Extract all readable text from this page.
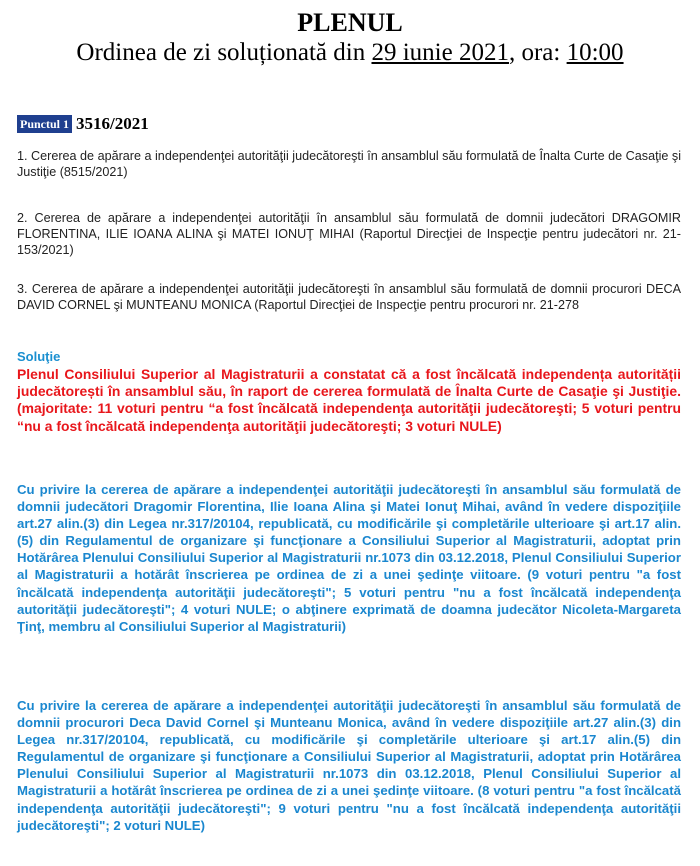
PLENUL
Ordinea de zi soluționată din 29 iunie 2021, ora: 10:00
Punctul 1 3516/2021
1. Cererea de apărare a independenţei autorităţii judecătoreşti în ansamblul său formulată de Înalta Curte de Casaţie şi Justiţie (8515/2021)
2. Cererea de apărare a independenţei autorităţii în ansamblul său formulată de domnii judecători DRAGOMIR FLORENTINA, ILIE IOANA ALINA şi MATEI IONUŢ MIHAI (Raportul Direcţiei de Inspecţie pentru judecători nr. 21-153/2021)
3. Cererea de apărare a independenţei autorităţii judecătoreşti în ansamblul său formulată de domnii procurori DECA DAVID CORNEL şi MUNTEANU MONICA (Raportul Direcţiei de Inspecţie pentru procurori nr. 21-278
Soluţie
Plenul Consiliului Superior al Magistraturii a constatat că a fost încălcată independența autorității judecătorești în ansamblul său, în raport de cererea formulată de Înalta Curte de Casaţie şi Justiţie. (majoritate: 11 voturi pentru “a fost încălcată independenţa autorităţii judecătoreşti; 5 voturi pentru “nu a fost încălcată independenţa autorităţii judecătoreşti; 3 voturi NULE)
Cu privire la cererea de apărare a independenţei autorităţii judecătoreşti în ansamblul său formulată de domnii judecători Dragomir Florentina, Ilie Ioana Alina şi Matei Ionuţ Mihai, având în vedere dispoziţiile art.27 alin.(3) din Legea nr.317/20104, republicată, cu modificările şi completările ulterioare şi art.17 alin.(5) din Regulamentul de organizare şi funcţionare a Consiliului Superior al Magistraturii, adoptat prin Hotărârea Plenului Consiliului Superior al Magistraturii nr.1073 din 03.12.2018, Plenul Consiliului Superior al Magistraturii a hotărât înscrierea pe ordinea de zi a unei şedinţe viitoare. (9 voturi pentru "a fost încălcată independenţa autorităţii judecătoreşti"; 5 voturi pentru "nu a fost încălcată independenţa autorităţii judecătoreşti"; 4 voturi NULE; o abţinere exprimată de doamna judecător Nicoleta-Margareta Ţinţ, membru al Consiliului Superior al Magistraturii)
Cu privire la cererea de apărare a independenţei autorităţii judecătoreşti în ansamblul său formulată de domnii procurori Deca David Cornel şi Munteanu Monica, având în vedere dispoziţiile art.27 alin.(3) din Legea nr.317/20104, republicată, cu modificările şi completările ulterioare şi art.17 alin.(5) din Regulamentul de organizare şi funcţionare a Consiliului Superior al Magistraturii, adoptat prin Hotărârea Plenului Consiliului Superior al Magistraturii nr.1073 din 03.12.2018, Plenul Consiliului Superior al Magistraturii a hotărât înscrierea pe ordinea de zi a unei şedinţe viitoare. (8 voturi pentru "a fost încălcată independenţa autorităţii judecătoreşti"; 9 voturi pentru "nu a fost încălcată independenţa autorităţii judecătoreşti"; 2 voturi NULE)
